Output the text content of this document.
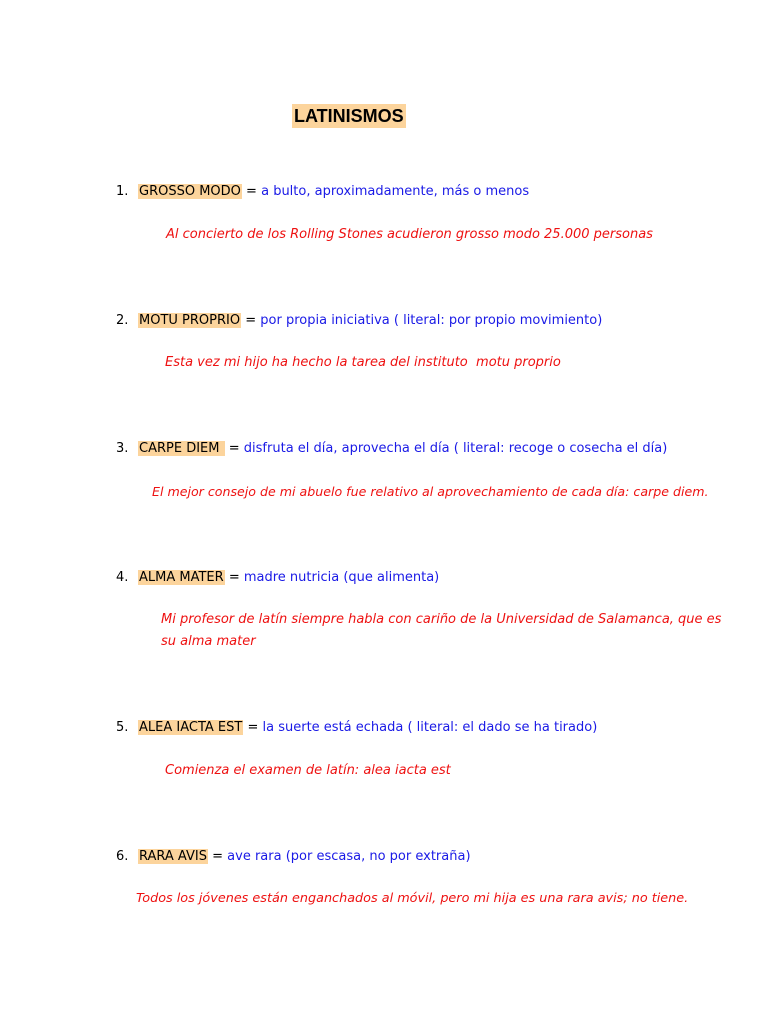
LATINISMOS
1. GROSSO MODO = a bulto, aproximadamente, más o menos
Al concierto de los Rolling Stones acudieron grosso modo 25.000 personas
2. MOTU PROPRIO = por propia iniciativa ( literal: por propio movimiento)
Esta vez mi hijo ha hecho la tarea del instituto  motu proprio
3. CARPE DIEM  = disfruta el día, aprovecha el día ( literal: recoge o cosecha el día)
El mejor consejo de mi abuelo fue relativo al aprovechamiento de cada día: carpe diem.
4. ALMA MATER = madre nutricia (que alimenta)
Mi profesor de latín siempre habla con cariño de la Universidad de Salamanca, que es su alma mater
5. ALEA IACTA EST = la suerte está echada ( literal: el dado se ha tirado)
Comienza el examen de latín: alea iacta est
6. RARA AVIS = ave rara (por escasa, no por extraña)
Todos los jóvenes están enganchados al móvil, pero mi hija es una rara avis; no tiene.
